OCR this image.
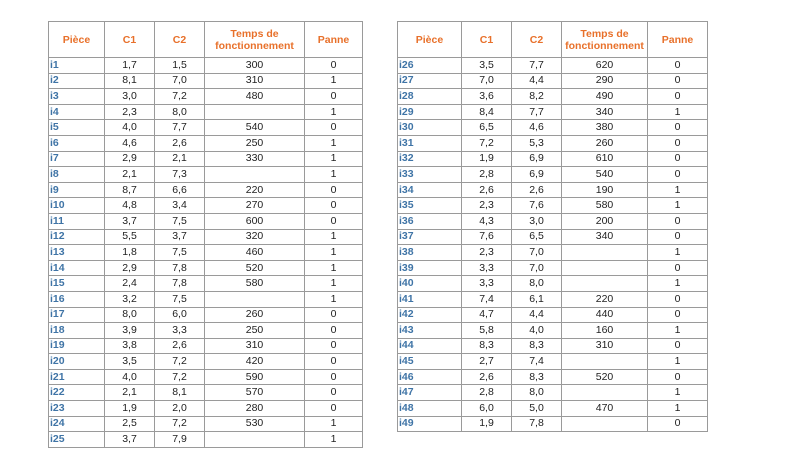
Pièce	C1	C2	Temps de fonctionnement	Panne
i1	1,7	1,5	300	0
i2	8,1	7,0	310	1
i3	3,0	7,2	480	0
i4	2,3	8,0		1
i5	4,0	7,7	540	0
i6	4,6	2,6	250	1
i7	2,9	2,1	330	1
i8	2,1	7,3		1
i9	8,7	6,6	220	0
i10	4,8	3,4	270	0
i11	3,7	7,5	600	0
i12	5,5	3,7	320	1
i13	1,8	7,5	460	1
i14	2,9	7,8	520	1
i15	2,4	7,8	580	1
i16	3,2	7,5		1
i17	8,0	6,0	260	0
i18	3,9	3,3	250	0
i19	3,8	2,6	310	0
i20	3,5	7,2	420	0
i21	4,0	7,2	590	0
i22	2,1	8,1	570	0
i23	1,9	2,0	280	0
i24	2,5	7,2	530	1
i25	3,7	7,9		1
Pièce	C1	C2	Temps de fonctionnement	Panne
i26	3,5	7,7	620	0
i27	7,0	4,4	290	0
i28	3,6	8,2	490	0
i29	8,4	7,7	340	1
i30	6,5	4,6	380	0
i31	7,2	5,3	260	0
i32	1,9	6,9	610	0
i33	2,8	6,9	540	0
i34	2,6	2,6	190	1
i35	2,3	7,6	580	1
i36	4,3	3,0	200	0
i37	7,6	6,5	340	0
i38	2,3	7,0		1
i39	3,3	7,0		0
i40	3,3	8,0		1
i41	7,4	6,1	220	0
i42	4,7	4,4	440	0
i43	5,8	4,0	160	1
i44	8,3	8,3	310	0
i45	2,7	7,4		1
i46	2,6	8,3	520	0
i47	2,8	8,0		1
i48	6,0	5,0	470	1
i49	1,9	7,8		0
